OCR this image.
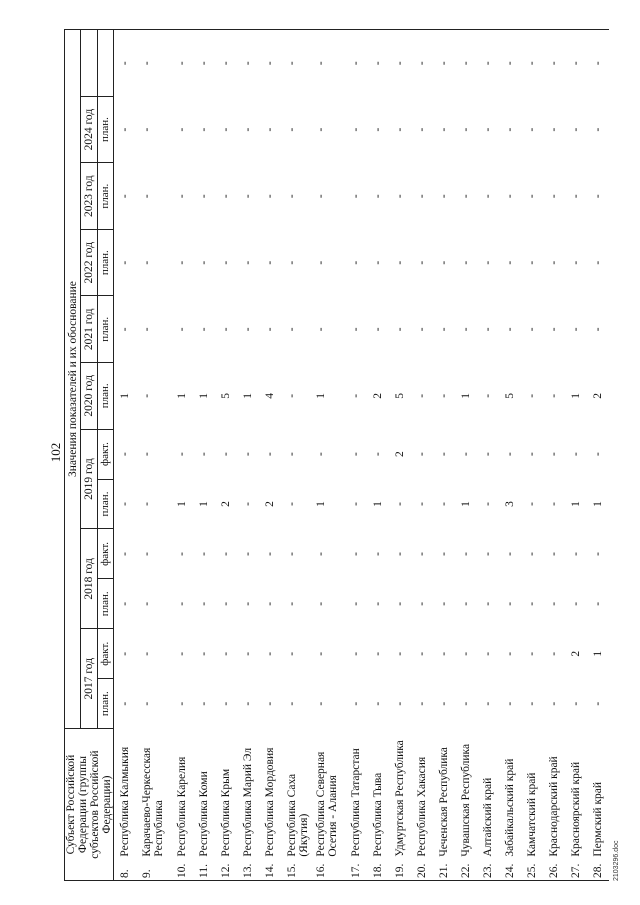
102
Субъект Российской Федерации (группы субъектов Российской Федерации)		Значения показателей и их обоснование											
		2017 год		2018 год		2019 год		2020 год	2021 год	2022 год	2023 год	2024 год	
		план.	факт.	план.	факт.	план.	факт.	план.	план.	план.	план.	план.	
8.	Республика Калмыкия	-	-	-	-	-	-	1	-	-	-	-	-
9.	Карачаево-Черкесская Республика	-	-	-	-	-	-	-	-	-	-	-	-
10.	Республика Карелия	-	-	-	-	1	-	1	-	-	-	-	-
11.	Республика Коми	-	-	-	-	1	-	1	-	-	-	-	-
12.	Республика Крым	-	-	-	-	2	-	5	-	-	-	-	-
13.	Республика Марий Эл	-	-	-	-	-	-	1	-	-	-	-	-
14.	Республика Мордовия	-	-	-	-	2	-	4	-	-	-	-	-
15.	Республика Саха (Якутия)	-	-	-	-	-	-	-	-	-	-	-	-
16.	Республика Северная Осетия - Алания	-	-	-	-	1	-	1	-	-	-	-	-
17.	Республика Татарстан	-	-	-	-	-	-	-	-	-	-	-	-
18.	Республика Тыва	-	-	-	-	1	-	2	-	-	-	-	-
19.	Удмуртская Республика	-	-	-	-	-	2	5	-	-	-	-	-
20.	Республика Хакасия	-	-	-	-	-	-	-	-	-	-	-	-
21.	Чеченская Республика	-	-	-	-	-	-	-	-	-	-	-	-
22.	Чувашская Республика	-	-	-	-	1	-	1	-	-	-	-	-
23.	Алтайский край	-	-	-	-	-	-	-	-	-	-	-	-
24.	Забайкальский край	-	-	-	-	3	-	5	-	-	-	-	-
25.	Камчатский край	-	-	-	-	-	-	-	-	-	-	-	-
26.	Краснодарский край	-	-	-	-	-	-	-	-	-	-	-	-
27.	Красноярский край	-	2	-	-	1	-	1	-	-	-	-	-
28.	Пермский край	-	1	-	-	1	-	2	-	-	-	-	-
2103296.doc
